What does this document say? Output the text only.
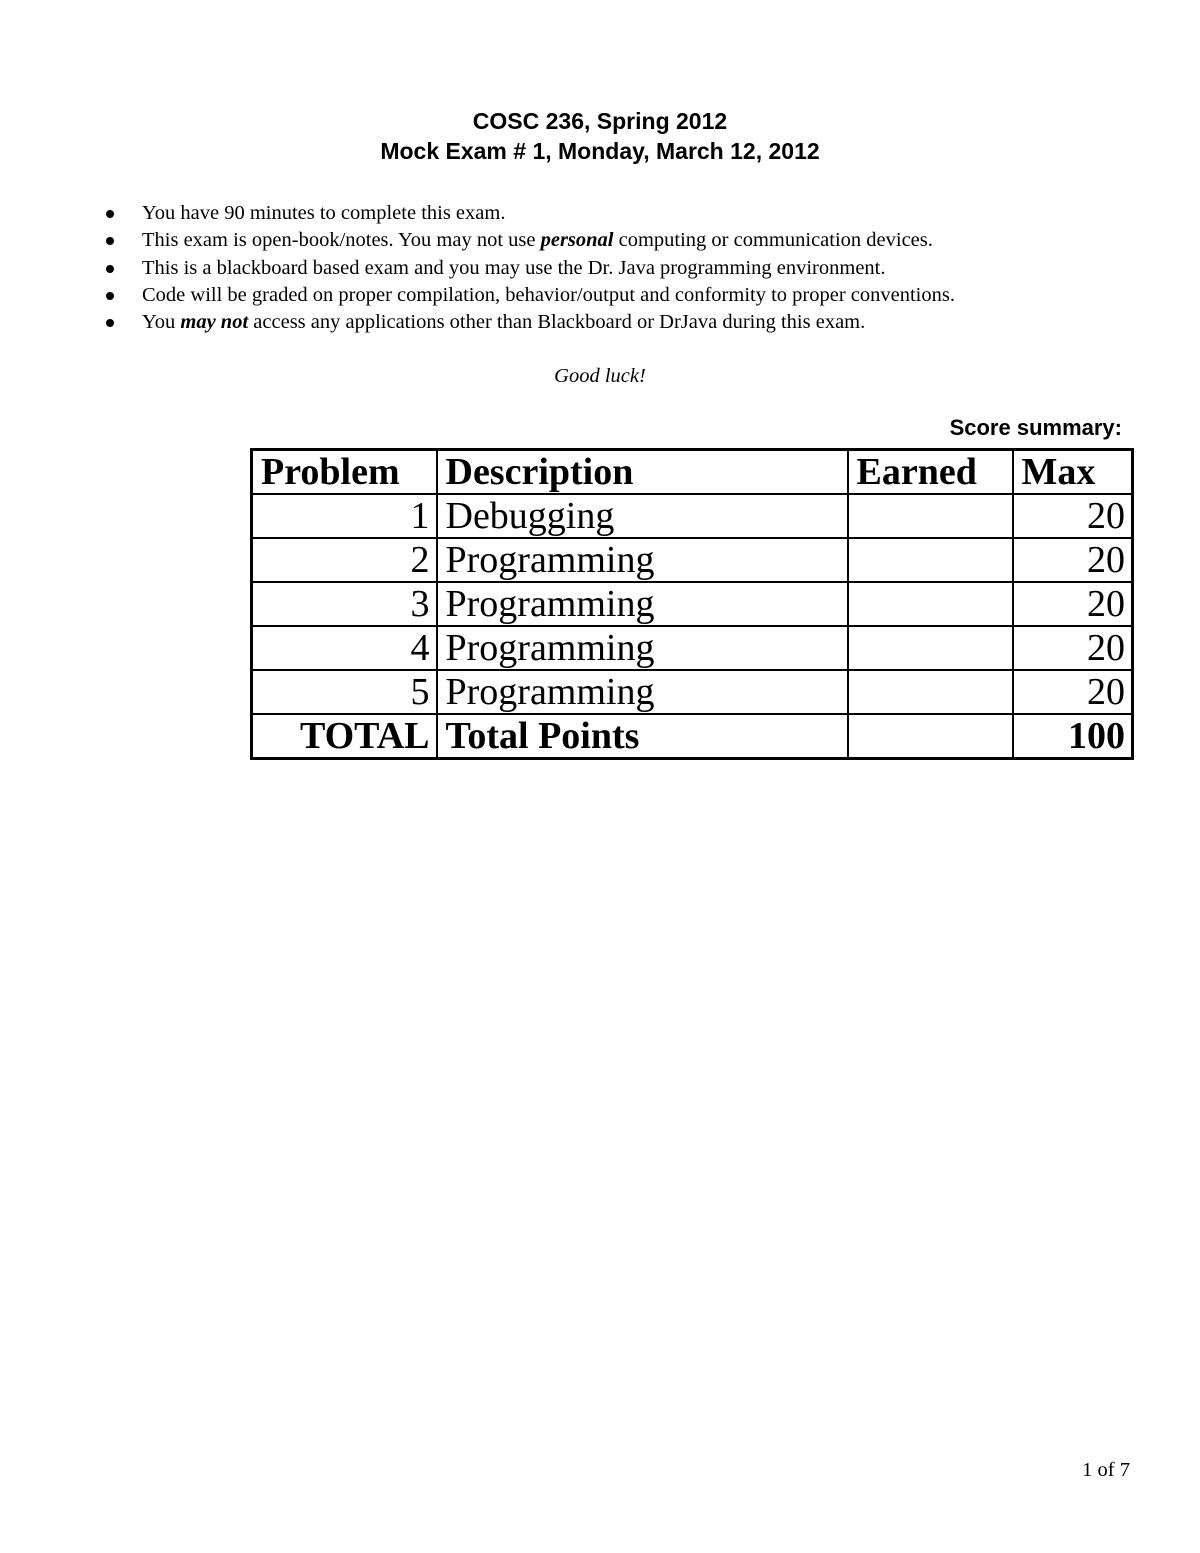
COSC 236, Spring 2012
Mock Exam # 1, Monday, March 12, 2012
You have 90 minutes to complete this exam.
This exam is open-book/notes. You may not use personal computing or communication devices.
This is a blackboard based exam and you may use the Dr. Java programming environment.
Code will be graded on proper compilation, behavior/output and conformity to proper conventions.
You may not access any applications other than Blackboard or DrJava during this exam.
Good luck!
Score summary:
Problem	Description	Earned	Max
1	Debugging		20
2	Programming		20
3	Programming		20
4	Programming		20
5	Programming		20
TOTAL	Total Points		100
1 of 7
